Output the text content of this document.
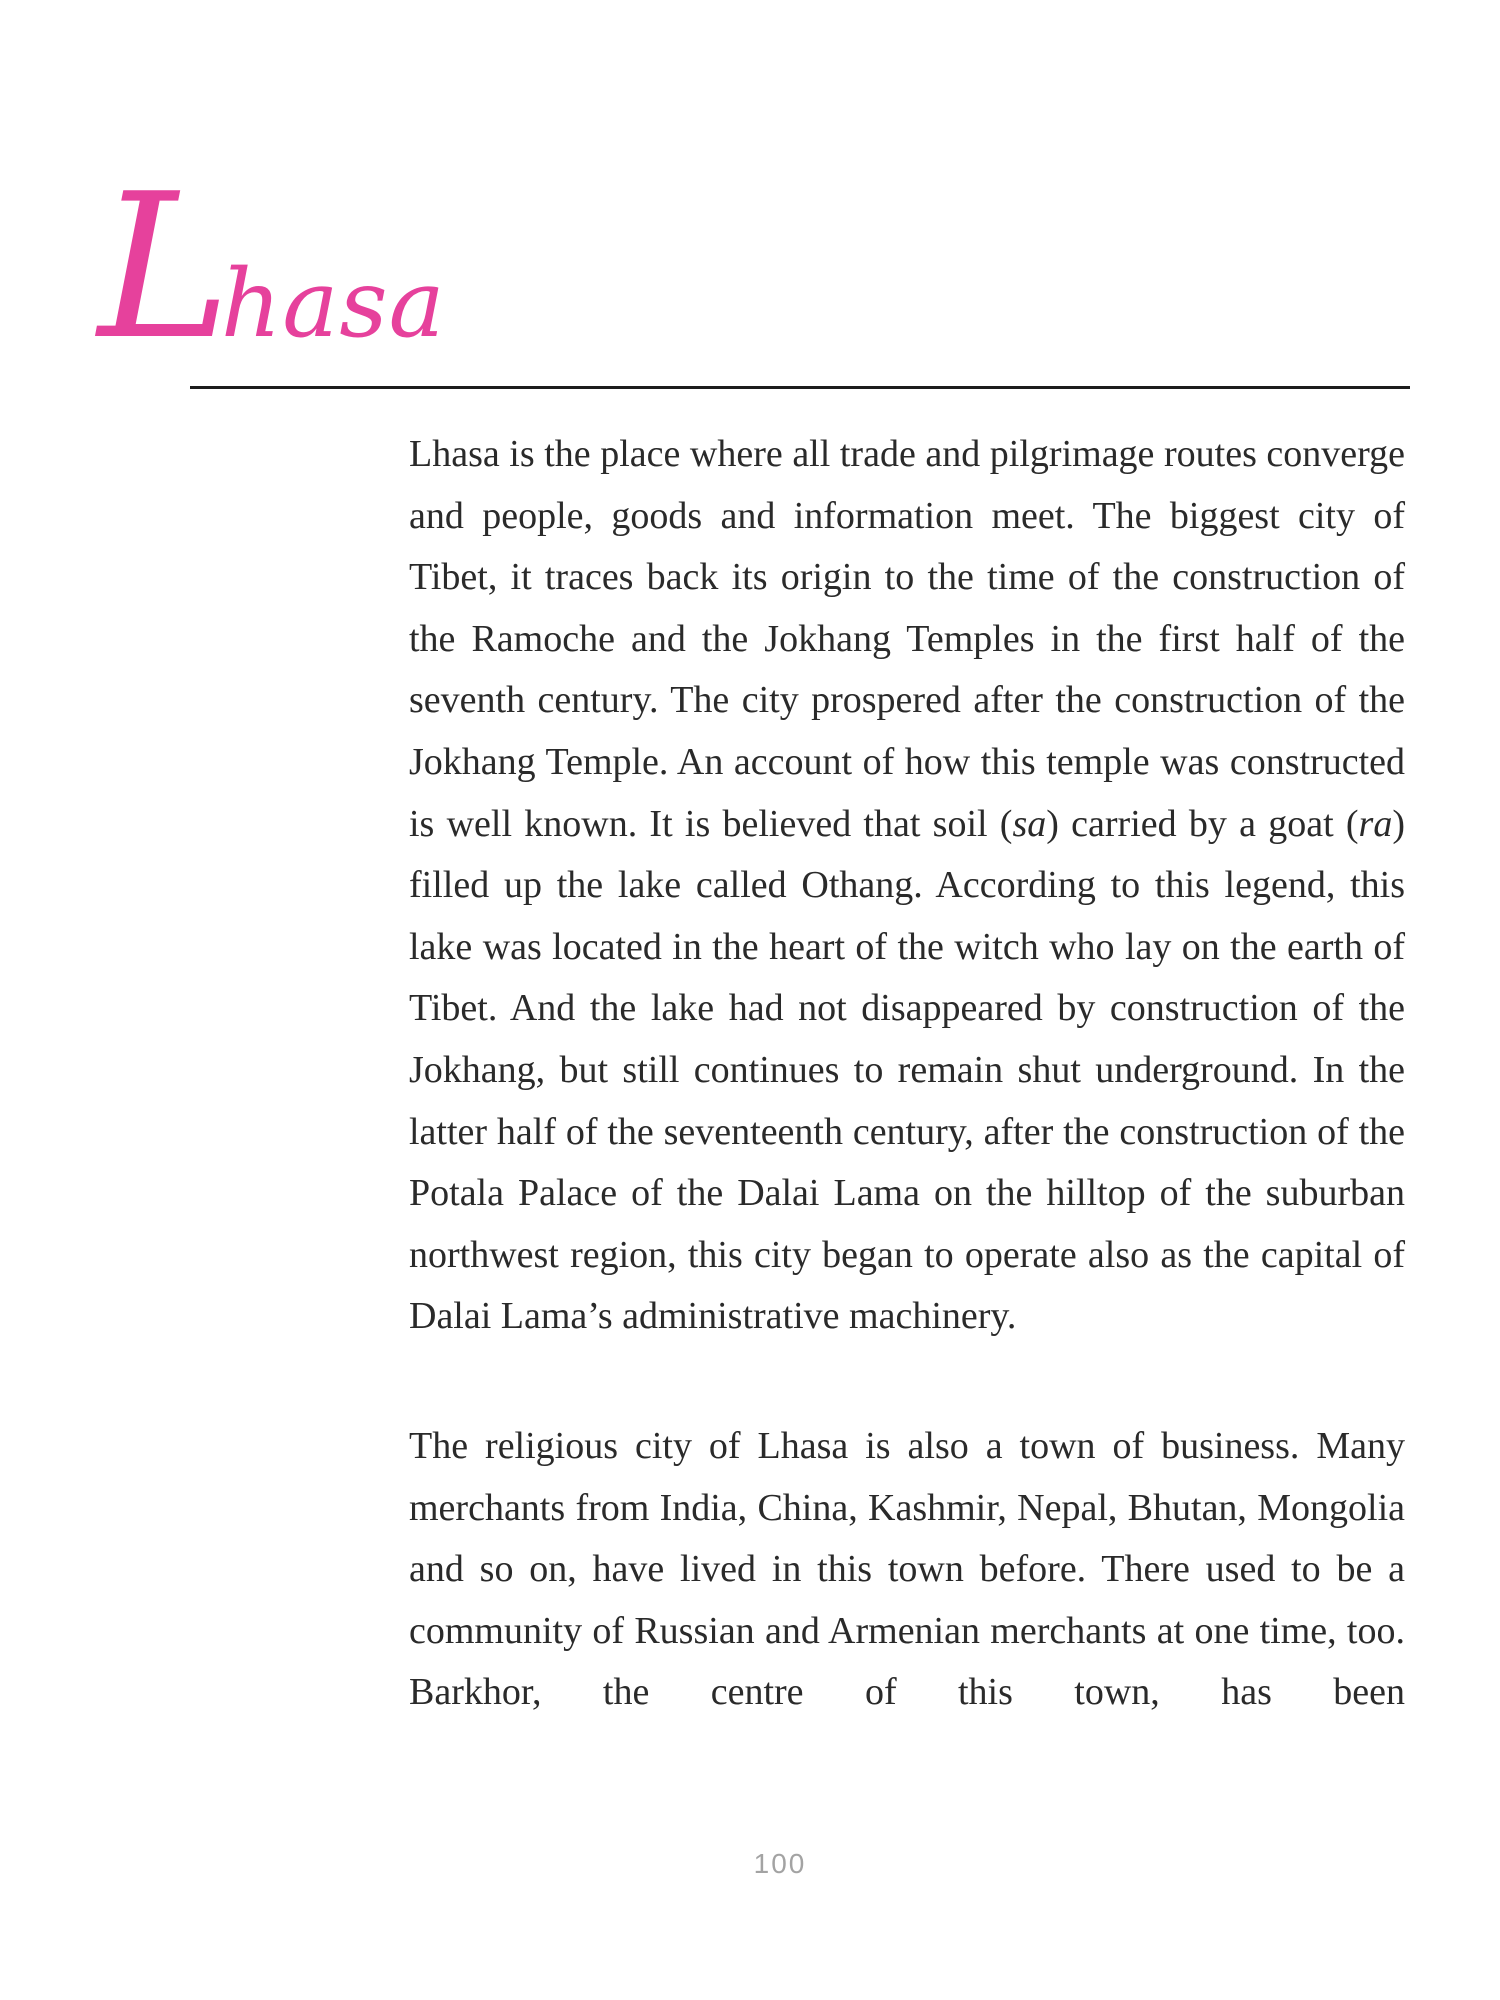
Lhasa

Lhasa is the place where all trade and pilgrimage routes converge and people, goods and information meet. The biggest city of Tibet, it traces back its origin to the time of the construction of the Ramoche and the Jokhang Temples in the first half of the seventh century. The city prospered after the construction of the Jokhang Temple. An account of how this temple was constructed is well known. It is believed that soil (sa) carried by a goat (ra) filled up the lake called Othang. According to this legend, this lake was located in the heart of the witch who lay on the earth of Tibet. And the lake had not disappeared by construction of the Jokhang, but still continues to remain shut underground. In the latter half of the seventeenth century, after the construction of the Potala Palace of the Dalai Lama on the hilltop of the suburban northwest region, this city began to operate also as the capital of Dalai Lama’s administrative machinery.

The religious city of Lhasa is also a town of business. Many merchants from India, China, Kashmir, Nepal, Bhutan, Mongolia and so on, have lived in this town before. There used to be a community of Russian and Armenian merchants at one time, too. Barkhor, the centre of this town, has been

100
